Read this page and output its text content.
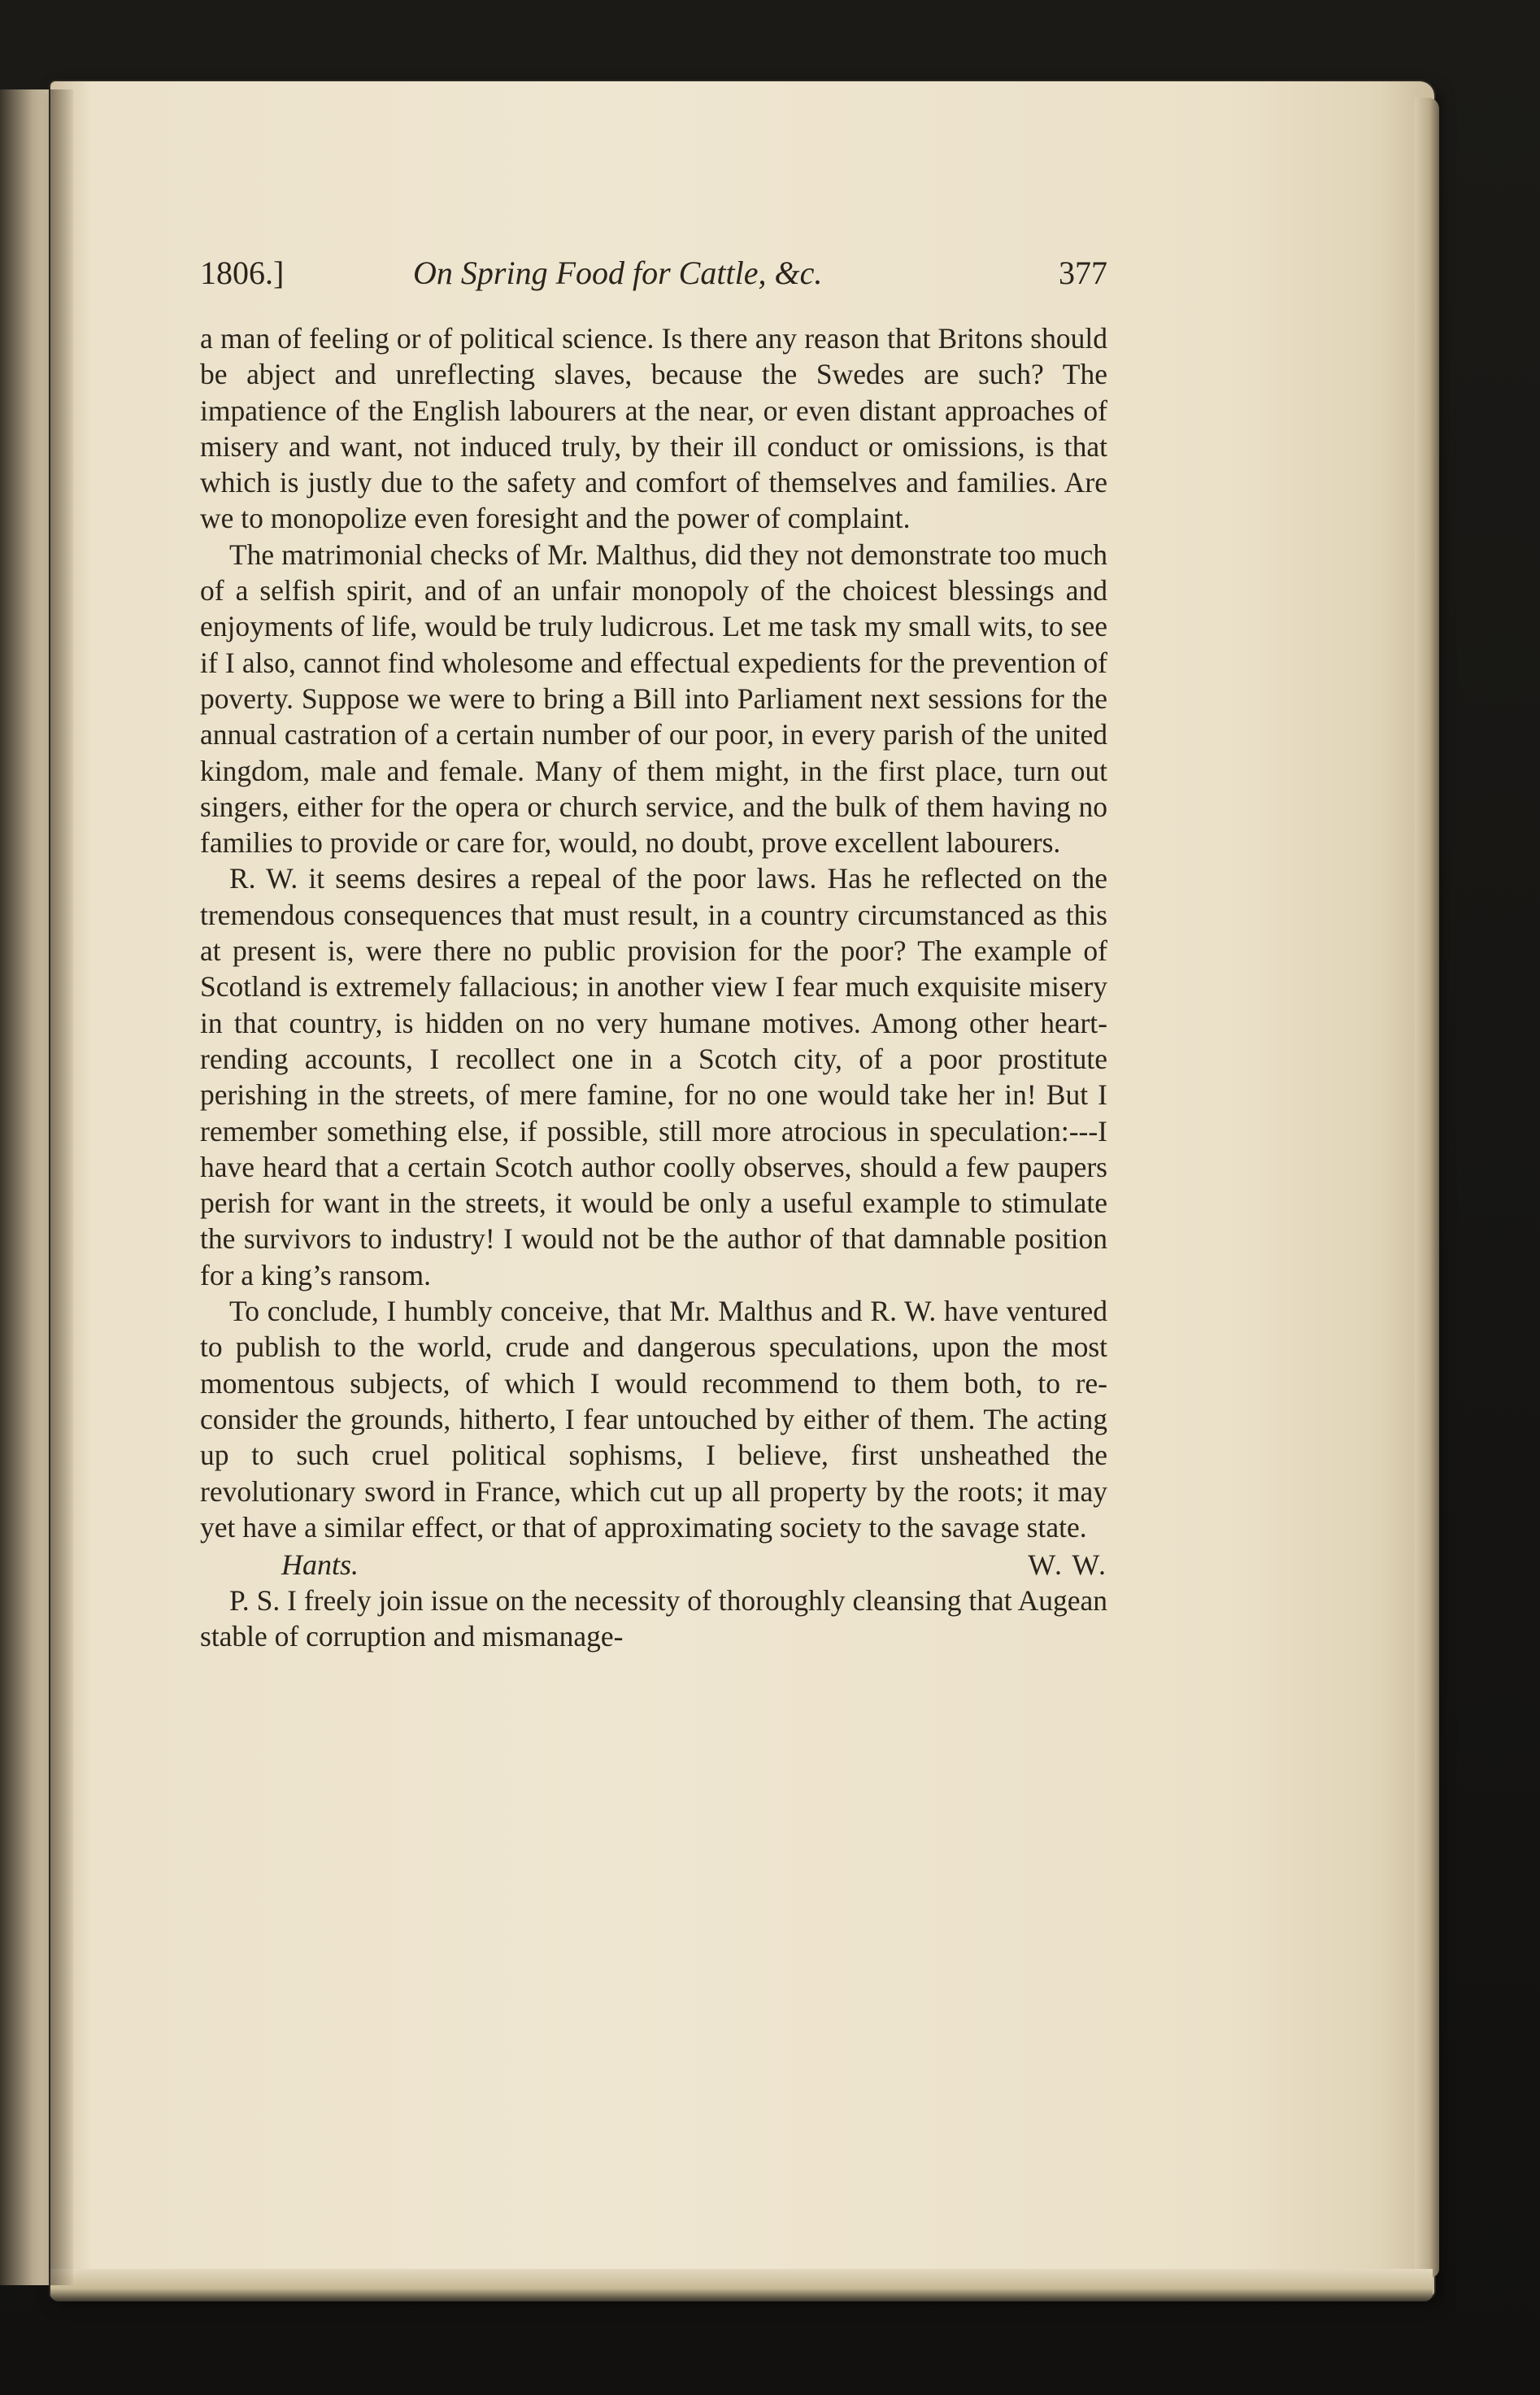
1806.]	On Spring Food for Cattle, &c.	377

a man of feeling or of political science. Is there any reason that Britons should be abject and unreflecting slaves, because the Swedes are such? The impatience of the English labourers at the near, or even distant approaches of misery and want, not induced truly, by their ill conduct or omissions, is that which is justly due to the safety and comfort of themselves and families. Are we to monopolize even foresight and the power of complaint.

The matrimonial checks of Mr. Malthus, did they not demonstrate too much of a selfish spirit, and of an unfair monopoly of the choicest blessings and enjoyments of life, would be truly ludicrous. Let me task my small wits, to see if I also, cannot find wholesome and effectual expedients for the prevention of poverty. Suppose we were to bring a Bill into Parliament next sessions for the annual castration of a certain number of our poor, in every parish of the united kingdom, male and female. Many of them might, in the first place, turn out singers, either for the opera or church service, and the bulk of them having no families to provide or care for, would, no doubt, prove excellent labourers.

R. W. it seems desires a repeal of the poor laws. Has he reflected on the tremendous consequences that must result, in a country circumstanced as this at present is, were there no public provision for the poor? The example of Scotland is extremely fallacious; in another view I fear much exquisite misery in that country, is hidden on no very humane motives. Among other heart-rending accounts, I recollect one in a Scotch city, of a poor prostitute perishing in the streets, of mere famine, for no one would take her in! But I remember something else, if possible, still more atrocious in speculation:---I have heard that a certain Scotch author coolly observes, should a few paupers perish for want in the streets, it would be only a useful example to stimulate the survivors to industry! I would not be the author of that damnable position for a king’s ransom.

To conclude, I humbly conceive, that Mr. Malthus and R. W. have ventured to publish to the world, crude and dangerous speculations, upon the most momentous subjects, of which I would recommend to them both, to re-consider the grounds, hitherto, I fear untouched by either of them. The acting up to such cruel political sophisms, I believe, first unsheathed the revolutionary sword in France, which cut up all property by the roots; it may yet have a similar effect, or that of approximating society to the savage state.

Hants.	W. W.

P. S. I freely join issue on the necessity of thoroughly cleansing that Augean stable of corruption and mismanage-
